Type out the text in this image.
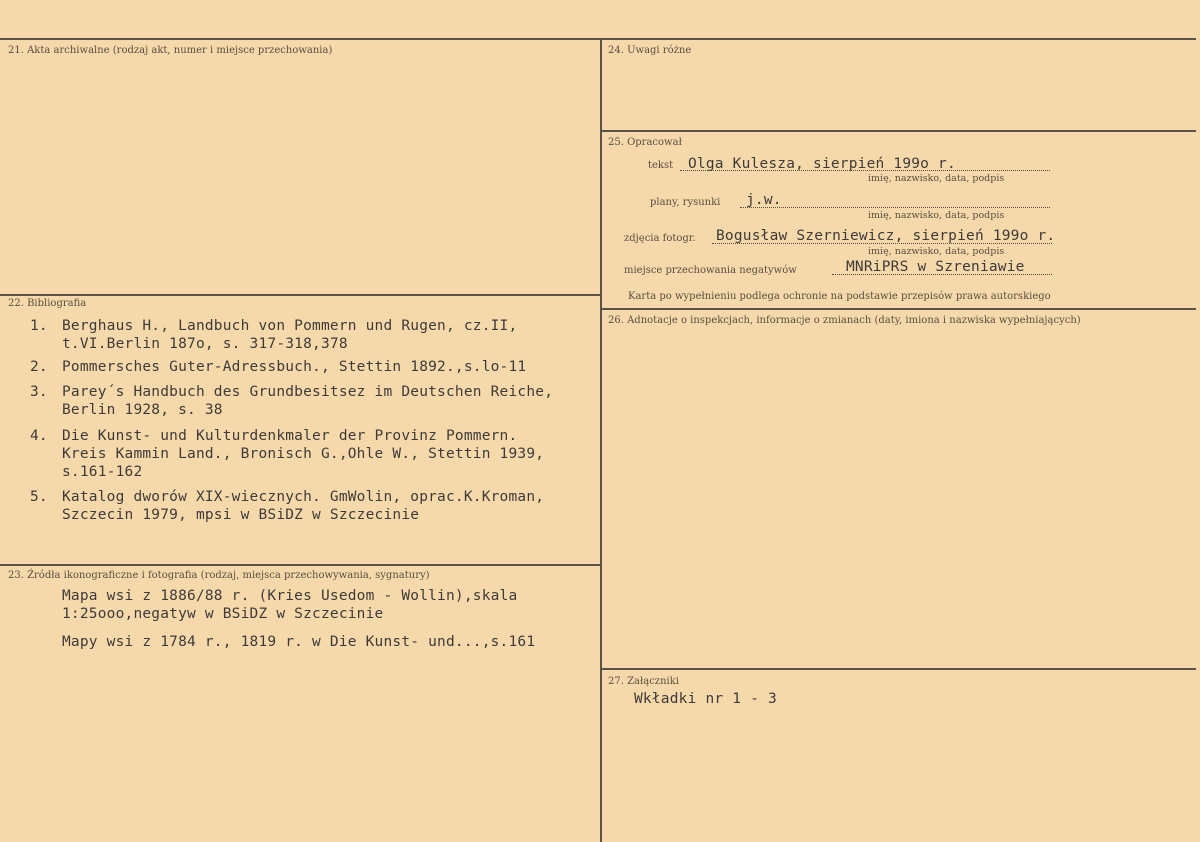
21. Akta archiwalne (rodzaj akt, numer i miejsce przechowania)
22. Bibliografia
1. Berghaus H., Landbuch von Pommern und Rugen, cz.II,
t.VI.Berlin 187o, s. 317-318,378
2. Pommersches Guter-Adressbuch., Stettin 1892.,s.lo-11
3. Parey´s Handbuch des Grundbesitsez im Deutschen Reiche,
Berlin 1928, s. 38
4. Die Kunst- und Kulturdenkmaler der Provinz Pommern.
Kreis Kammin Land., Bronisch G.,Ohle W., Stettin 1939,
s.161-162
5. Katalog dworów XIX-wiecznych. GmWolin, oprac.K.Kroman,
Szczecin 1979, mpsi w BSiDZ w Szczecinie
23. Źródła ikonograficzne i fotografia (rodzaj, miejsca przechowywania, sygnatury)
Mapa wsi z 1886/88 r. (Kries Usedom - Wollin),skala
1:25ooo,negatyw w BSiDZ w Szczecinie
Mapy wsi z 1784 r., 1819 r. w Die Kunst- und...,s.161
24. Uwagi różne
25. Opracował
tekst Olga Kulesza, sierpień 199o r.
imię, nazwisko, data, podpis
plany, rysunki j.w.
imię, nazwisko, data, podpis
zdjęcia fotogr. Bogusław Szerniewicz, sierpień 199o r.
imię, nazwisko, data, podpis
miejsce przechowania negatywów	MNRiPRS w Szreniawie
Karta po wypełnieniu podlega ochronie na podstawie przepisów prawa autorskiego
26. Adnotacje o inspekcjach, informacje o zmianach (daty, imiona i nazwiska wypełniających)
27. Załączniki
Wkładki nr 1 - 3
